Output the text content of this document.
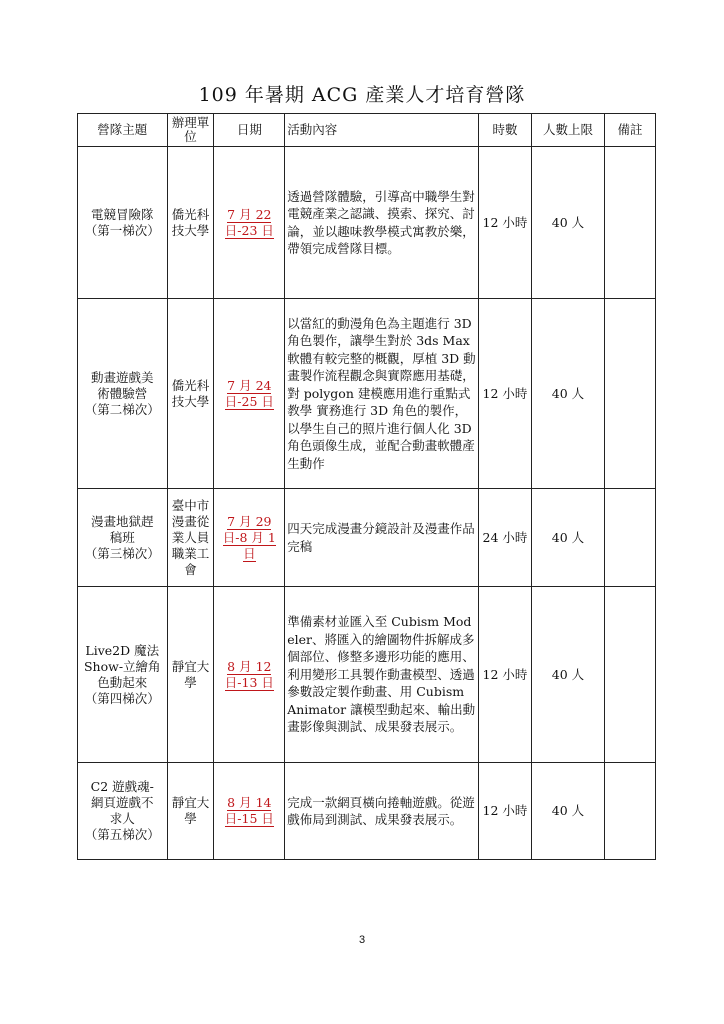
109 年暑期 ACG 產業人才培育營隊
營隊主題	辦理單位	日期	活動內容	時數	人數上限	備註

電競冒險隊
（第一梯次）	僑光科技大學	7 月 22 日-23 日	透過營隊體驗，引導高中職學生對電競產業之認識、摸索、探究、討論，並以趣味教學模式寓教於樂，帶領完成營隊目標。	12 小時	40 人	

動畫遊戲美
術體驗營
（第二梯次）	僑光科技大學	7 月 24 日-25 日	以當紅的動漫角色為主題進行 3D 角色製作，讓學生對於 3ds Max 軟體有較完整的概觀，厚植 3D 動畫製作流程觀念與實際應用基礎，對 polygon 建模應用進行重點式教學 實務進行 3D 角色的製作，以學生自己的照片進行個人化 3D 角色頭像生成，並配合動畫軟體產生動作	12 小時	40 人	

漫畫地獄趕
稿班
（第三梯次）	臺中市漫畫從業人員職業工會	7 月 29 日-8 月 1 日	四天完成漫畫分鏡設計及漫畫作品完稿	24 小時	40 人	

Live2D 魔法
Show-立繪角
色動起來
（第四梯次）	靜宜大學	8 月 12 日-13 日	準備素材並匯入至 Cubism Modeler、將匯入的繪圖物件拆解成多個部位、修整多邊形功能的應用、利用變形工具製作動畫模型、透過參數設定製作動畫、用 Cubism Animator 讓模型動起來、輸出動畫影像與測試、成果發表展示。	12 小時	40 人	

C2 遊戲魂-
網頁遊戲不
求人
（第五梯次）	靜宜大學	8 月 14 日-15 日	完成一款網頁橫向捲軸遊戲。從遊戲佈局到測試、成果發表展示。	12 小時	40 人	
3
